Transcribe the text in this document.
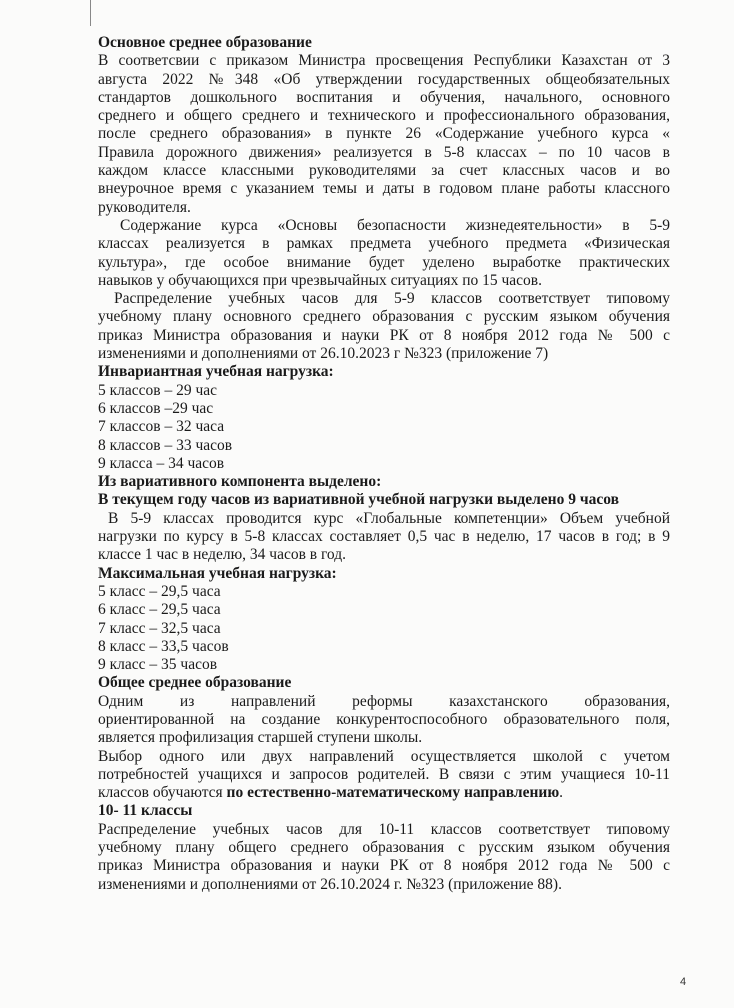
Основное среднее образование
В соответсвии с приказом Министра просвещения Республики Казахстан от 3
августа 2022 №348 «Об утверждении государственных общеобязательных
стандартов дошкольного воспитания и обучения, начального, основного
среднего и общего среднего и технического и профессионального образования,
после среднего образования» в пункте 26 «Содержание учебного курса «
Правила дорожного движения» реализуется в 5-8 классах – по 10 часов в
каждом классе классными руководителями за счет классных часов и во
внеурочное время с указанием темы и даты в годовом плане работы классного
руководителя.
Содержание курса «Основы безопасности жизнедеятельности» в 5-9
классах реализуется в рамках предмета учебного предмета «Физическая
культура», где особое внимание будет уделено выработке практических
навыков у обучающихся при чрезвычайных ситуациях по 15 часов.
Распределение учебных часов для 5-9 классов соответствует типовому
учебному плану основного среднего образования с русским языком обучения
приказ Министра образования и науки РК от 8 ноября 2012 года № 500 с
изменениями и дополнениями от 26.10.2023 г №323 (приложение 7)
Инвариантная учебная нагрузка:
5 классов – 29 час
6 классов –29 час
7 классов – 32 часа
8 классов – 33 часов
9 класса – 34 часов
Из вариативного компонента выделено:
В текущем году часов из вариативной учебной нагрузки выделено 9 часов
В 5-9 классах проводится курс «Глобальные компетенции» Объем учебной
нагрузки по курсу в 5-8 классах составляет 0,5 час в неделю, 17 часов в год; в 9
классе 1 час в неделю, 34 часов в год.
Максимальная учебная нагрузка:
5 класс – 29,5 часа
6 класс – 29,5 часа
7 класс – 32,5 часа
8 класс – 33,5 часов
9 класс – 35 часов
Общее среднее образование
Одним из направлений реформы казахстанского образования,
ориентированной на создание конкурентоспособного образовательного поля,
является профилизация старшей ступени школы.
Выбор одного или двух направлений осуществляется школой с учетом
потребностей учащихся и запросов родителей. В связи с этим учащиеся 10-11
классов обучаются по естественно-математическому направлению.
10- 11 классы
Распределение учебных часов для 10-11 классов соответствует типовому
учебному плану общего среднего образования с русским языком обучения
приказ Министра образования и науки РК от 8 ноября 2012 года № 500 с
изменениями и дополнениями от 26.10.2024 г. №323 (приложение 88).
4
